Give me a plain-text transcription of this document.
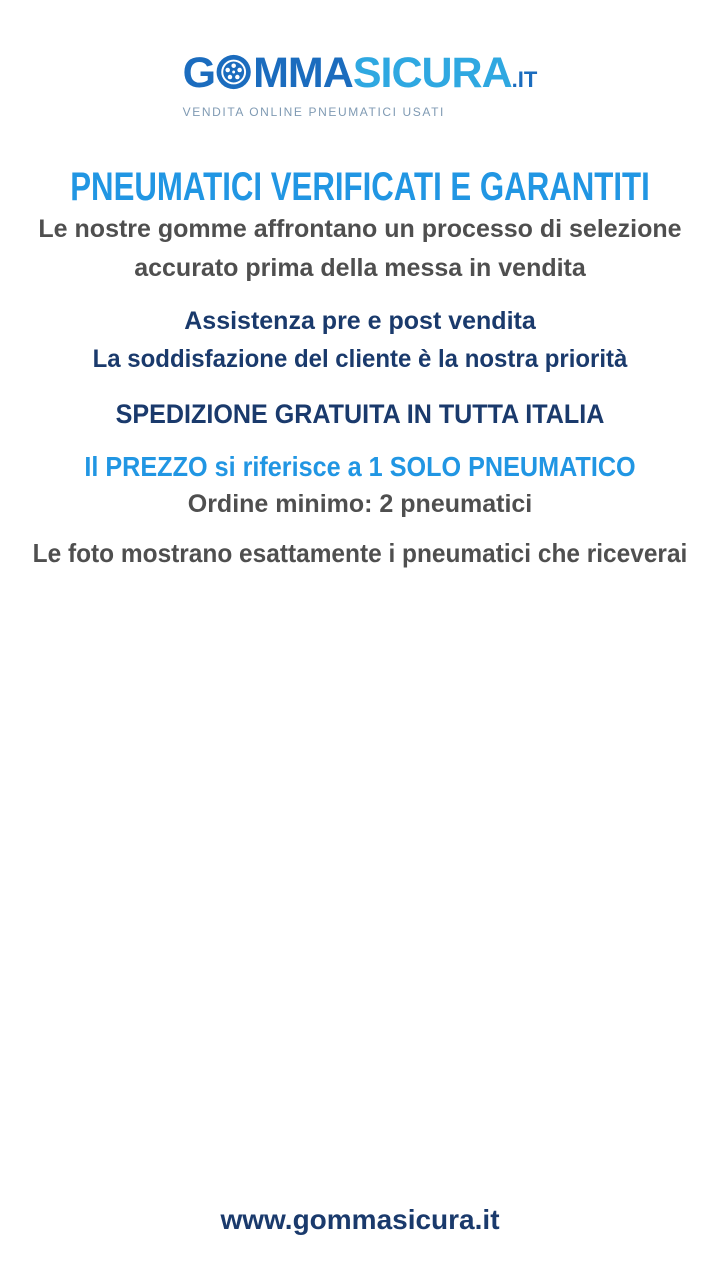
G MMASICURA.IT
VENDITA ONLINE PNEUMATICI USATI
PNEUMATICI VERIFICATI E GARANTITI
Le nostre gomme affrontano un processo di selezione
accurato prima della messa in vendita
Assistenza pre e post vendita
La soddisfazione del cliente è la nostra priorità
SPEDIZIONE GRATUITA IN TUTTA ITALIA
Il PREZZO si riferisce a 1 SOLO PNEUMATICO
Ordine minimo: 2 pneumatici
Le foto mostrano esattamente i pneumatici che riceverai
www.gommasicura.it
